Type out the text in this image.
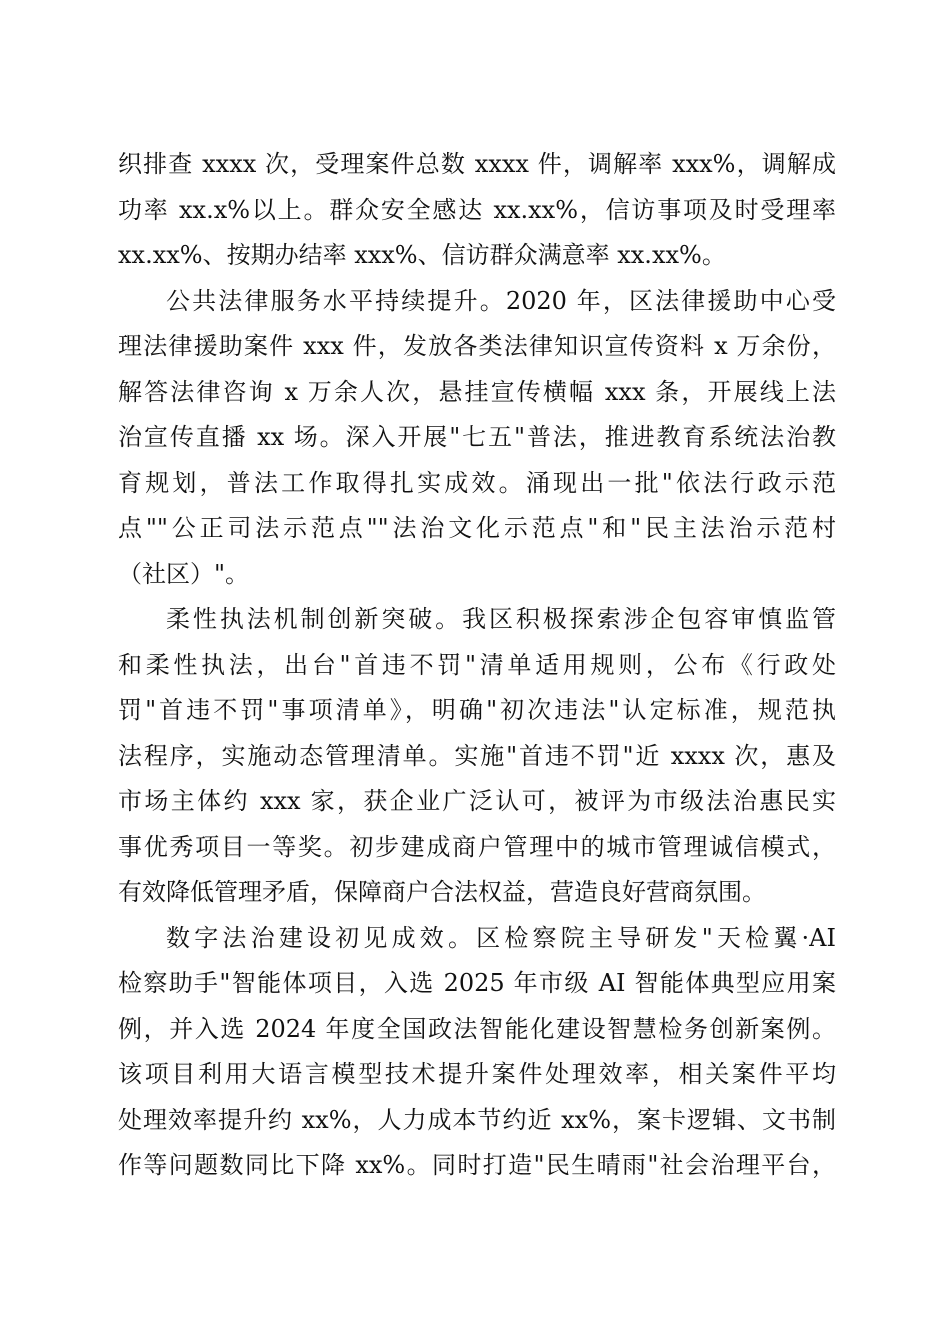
织排查 xxxx 次，受理案件总数 xxxx 件，调解率 xxx%，调解成
功率 xx.x%以上。群众安全感达 xx.xx%，信访事项及时受理率
xx.xx%、按期办结率 xxx%、信访群众满意率 xx.xx%。
公共法律服务水平持续提升。2020 年，区法律援助中心受
理法律援助案件 xxx 件，发放各类法律知识宣传资料 x 万余份，
解答法律咨询 x 万余人次，悬挂宣传横幅 xxx 条，开展线上法
治宣传直播 xx 场。深入开展"七五"普法，推进教育系统法治教
育规划，普法工作取得扎实成效。涌现出一批"依法行政示范
点""公正司法示范点""法治文化示范点"和"民主法治示范村
（社区）"。
柔性执法机制创新突破。我区积极探索涉企包容审慎监管
和柔性执法，出台"首违不罚"清单适用规则，公布《行政处
罚"首违不罚"事项清单》，明确"初次违法"认定标准，规范执
法程序，实施动态管理清单。实施"首违不罚"近 xxxx 次，惠及
市场主体约 xxx 家，获企业广泛认可，被评为市级法治惠民实
事优秀项目一等奖。初步建成商户管理中的城市管理诚信模式，
有效降低管理矛盾，保障商户合法权益，营造良好营商氛围。
数字法治建设初见成效。区检察院主导研发"天检翼·AI
检察助手"智能体项目，入选 2025 年市级 AI 智能体典型应用案
例，并入选 2024 年度全国政法智能化建设智慧检务创新案例。
该项目利用大语言模型技术提升案件处理效率，相关案件平均
处理效率提升约 xx%，人力成本节约近 xx%，案卡逻辑、文书制
作等问题数同比下降 xx%。同时打造"民生晴雨"社会治理平台，
